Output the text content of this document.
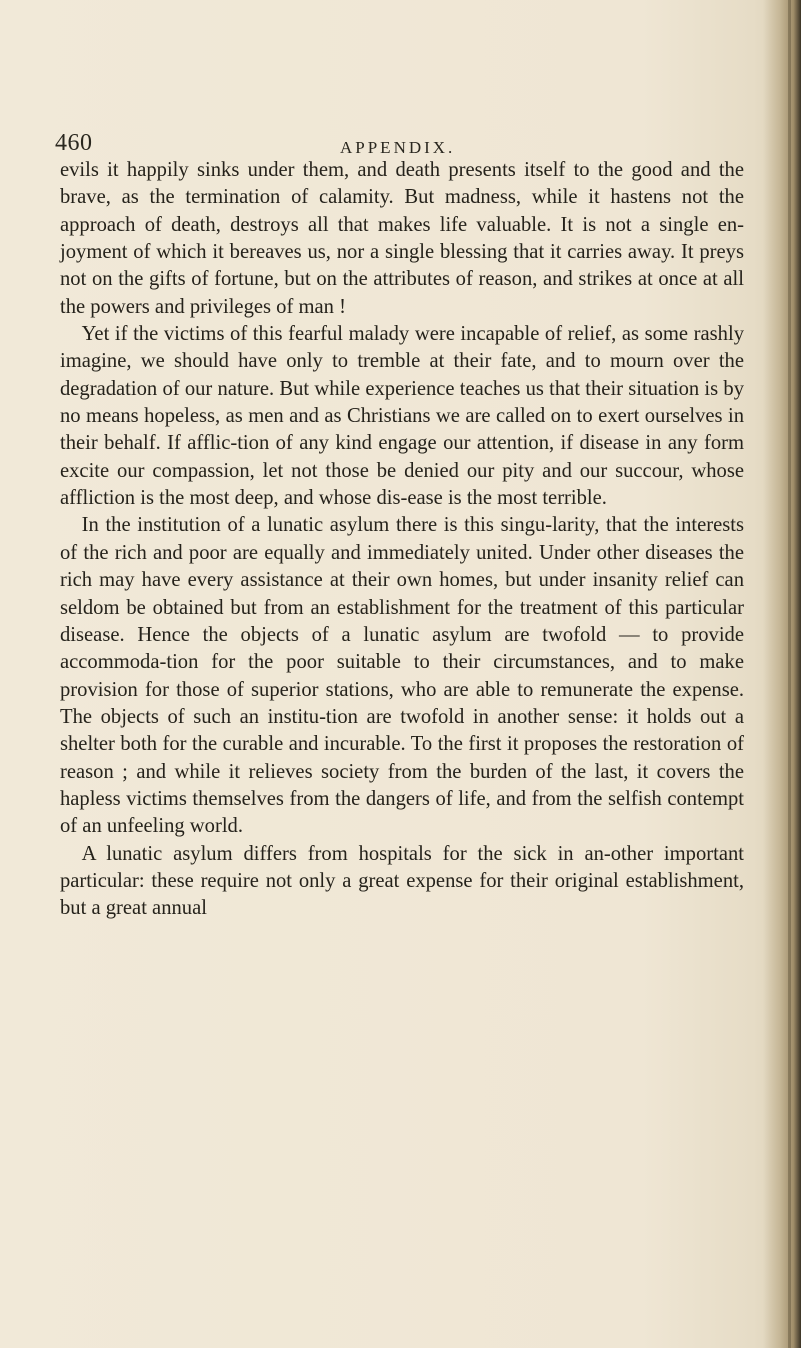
460	APPENDIX.

evils it happily sinks under them, and death presents itself to the good and the brave, as the termination of calamity. But madness, while it hastens not the approach of death, destroys all that makes life valuable. It is not a single en-joyment of which it bereaves us, nor a single blessing that it carries away. It preys not on the gifts of fortune, but on the attributes of reason, and strikes at once at all the powers and privileges of man !

Yet if the victims of this fearful malady were incapable of relief, as some rashly imagine, we should have only to tremble at their fate, and to mourn over the degradation of our nature. But while experience teaches us that their situation is by no means hopeless, as men and as Christians we are called on to exert ourselves in their behalf. If afflic-tion of any kind engage our attention, if disease in any form excite our compassion, let not those be denied our pity and our succour, whose affliction is the most deep, and whose dis-ease is the most terrible.

In the institution of a lunatic asylum there is this singu-larity, that the interests of the rich and poor are equally and immediately united. Under other diseases the rich may have every assistance at their own homes, but under insanity relief can seldom be obtained but from an establishment for the treatment of this particular disease. Hence the objects of a lunatic asylum are twofold — to provide accommoda-tion for the poor suitable to their circumstances, and to make provision for those of superior stations, who are able to remunerate the expense. The objects of such an institu-tion are twofold in another sense: it holds out a shelter both for the curable and incurable. To the first it proposes the restoration of reason ; and while it relieves society from the burden of the last, it covers the hapless victims themselves from the dangers of life, and from the selfish contempt of an unfeeling world.

A lunatic asylum differs from hospitals for the sick in an-other important particular: these require not only a great expense for their original establishment, but a great annual
